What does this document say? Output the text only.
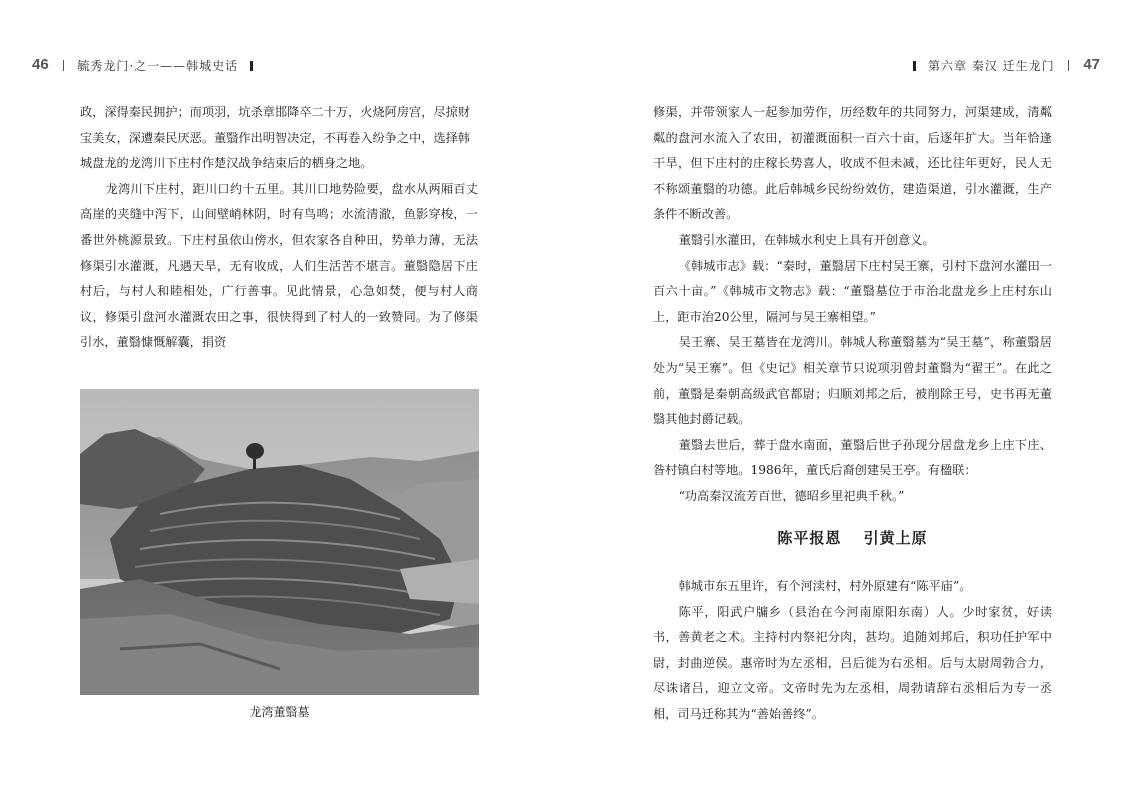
46 毓秀龙门·之一——韩城史话

政，深得秦民拥护；而项羽，坑杀章邯降卒二十万，火烧阿房宫，尽掠财宝美女，深遭秦民厌恶。董翳作出明智决定，不再卷入纷争之中，选择韩城盘龙的龙湾川下庄村作楚汉战争结束后的栖身之地。

龙湾川下庄村，距川口约十五里。其川口地势险要，盘水从两厢百丈高崖的夹缝中泻下，山间壁峭林阴，时有鸟鸣；水流清澈，鱼影穿梭，一番世外桃源景致。下庄村虽依山傍水，但农家各自种田，势单力薄，无法修渠引水灌溉，凡遇天旱，无有收成，人们生活苦不堪言。董翳隐居下庄村后，与村人和睦相处，广行善事。见此情景，心急如焚，便与村人商议，修渠引盘河水灌溉农田之事，很快得到了村人的一致赞同。为了修渠引水，董翳慷慨解囊，捐资

龙湾董翳墓
第六章 秦汉 迁生龙门 47

修渠，并带领家人一起参加劳作，历经数年的共同努力，河渠建成，清粼粼的盘河水流入了农田，初灌溉面积一百六十亩，后逐年扩大。当年恰逢干旱，但下庄村的庄稼长势喜人，收成不但未减，还比往年更好，民人无不称颂董翳的功德。此后韩城乡民纷纷效仿，建造渠道，引水灌溉，生产条件不断改善。

董翳引水灌田，在韩城水利史上具有开创意义。

《韩城市志》载：“秦时，董翳居下庄村吴王寨，引村下盘河水灌田一百六十亩。”《韩城市文物志》载：“董翳墓位于市治北盘龙乡上庄村东山上，距市治20公里，隔河与吴王寨相望。”

吴王寨、吴王墓皆在龙湾川。韩城人称董翳墓为“吴王墓”，称董翳居处为“吴王寨”。但《史记》相关章节只说项羽曾封董翳为“翟王”。在此之前，董翳是秦朝高级武官都尉；归顺刘邦之后，被削除王号，史书再无董翳其他封爵记载。

董翳去世后，葬于盘水南面，董翳后世子孙现分居盘龙乡上庄下庄、昝村镇白村等地。1986年，董氏后裔创建吴王亭。有楹联：

“功高秦汉流芳百世，德昭乡里祀典千秋。”

陈平报恩 引黄上原

韩城市东五里许，有个河渎村，村外原建有“陈平庙”。

陈平，阳武户牖乡（县治在今河南原阳东南）人。少时家贫，好读书，善黄老之术。主持村内祭祀分肉，甚均。追随刘邦后，积功任护军中尉，封曲逆侯。惠帝时为左丞相，吕后徙为右丞相。后与太尉周勃合力，尽诛诸吕，迎立文帝。文帝时先为左丞相，周勃请辞右丞相后为专一丞相，司马迁称其为“善始善终”。
